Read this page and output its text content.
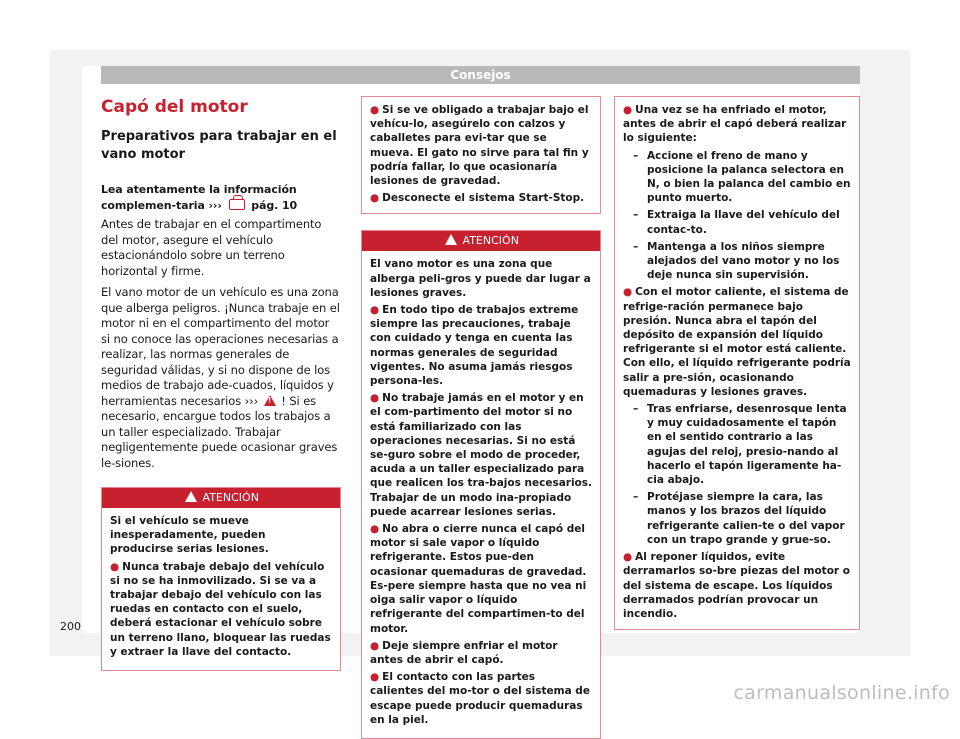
Consejos
Capó del motor
Preparativos para trabajar en el vano motor

Lea atentamente la información complemen-taria ›››	pág. 10

Antes de trabajar en el compartimento del motor, asegure el vehículo estacionándolo sobre un terreno horizontal y firme.

El vano motor de un vehículo es una zona que alberga peligros. ¡Nunca trabaje en el motor ni en el compartimento del motor si no conoce las operaciones necesarias a realizar, las normas generales de seguridad válidas, y si no dispone de los medios de trabajo ade-cuados, líquidos y herramientas necesarios ››› ! ! Si es necesario, encargue todos los trabajos a un taller especializado. Trabajar negligentemente puede ocasionar graves le-siones.

! ATENCIÓN

Si el vehículo se mueve inesperadamente, pueden producirse serias lesiones.

● Nunca trabaje debajo del vehículo si no se ha inmovilizado. Si se va a trabajar debajo del vehículo con las ruedas en contacto con el suelo, deberá estacionar el vehículo sobre un terreno llano, bloquear las ruedas y extraer la llave del contacto.

● Si se ve obligado a trabajar bajo el vehícu-lo, asegúrelo con calzos y caballetes para evi-tar que se mueva. El gato no sirve para tal fin y podría fallar, lo que ocasionaría lesiones de gravedad.

● Desconecte el sistema Start-Stop.

! ATENCIÓN

El vano motor es una zona que alberga peli-gros y puede dar lugar a lesiones graves.

● En todo tipo de trabajos extreme siempre las precauciones, trabaje con cuidado y tenga en cuenta las normas generales de seguridad vigentes. No asuma jamás riesgos persona-les.

● No trabaje jamás en el motor y en el com-partimento del motor si no está familiarizado con las operaciones necesarias. Si no está se-guro sobre el modo de proceder, acuda a un taller especializado para que realicen los tra-bajos necesarios. Trabajar de un modo ina-propiado puede acarrear lesiones serias.

● No abra o cierre nunca el capó del motor si sale vapor o líquido refrigerante. Estos pue-den ocasionar quemaduras de gravedad. Es-pere siempre hasta que no vea ni oiga salir vapor o líquido refrigerante del compartimen-to del motor.

● Deje siempre enfriar el motor antes de abrir el capó.

● El contacto con las partes calientes del mo-tor o del sistema de escape puede producir quemaduras en la piel.

● Una vez se ha enfriado el motor, antes de abrir el capó deberá realizar lo siguiente:

– Accione el freno de mano y posicione la palanca selectora en N, o bien la palanca del cambio en punto muerto.
– Extraiga la llave del vehículo del contac-to.
– Mantenga a los niños siempre alejados del vano motor y no los deje nunca sin supervisión.

● Con el motor caliente, el sistema de refrige-ración permanece bajo presión. Nunca abra el tapón del depósito de expansión del líquido refrigerante si el motor está caliente. Con ello, el líquido refrigerante podría salir a pre-sión, ocasionando quemaduras y lesiones graves.

– Tras enfriarse, desenrosque lenta y muy cuidadosamente el tapón en el sentido contrario a las agujas del reloj, presio-nando al hacerlo el tapón ligeramente ha-cia abajo.
– Protéjase siempre la cara, las manos y los brazos del líquido refrigerante calien-te o del vapor con un trapo grande y grue-so.

● Al reponer líquidos, evite derramarlos so-bre piezas del motor o del sistema de escape. Los líquidos derramados podrían provocar un incendio.

200
carmanualsonline.info
